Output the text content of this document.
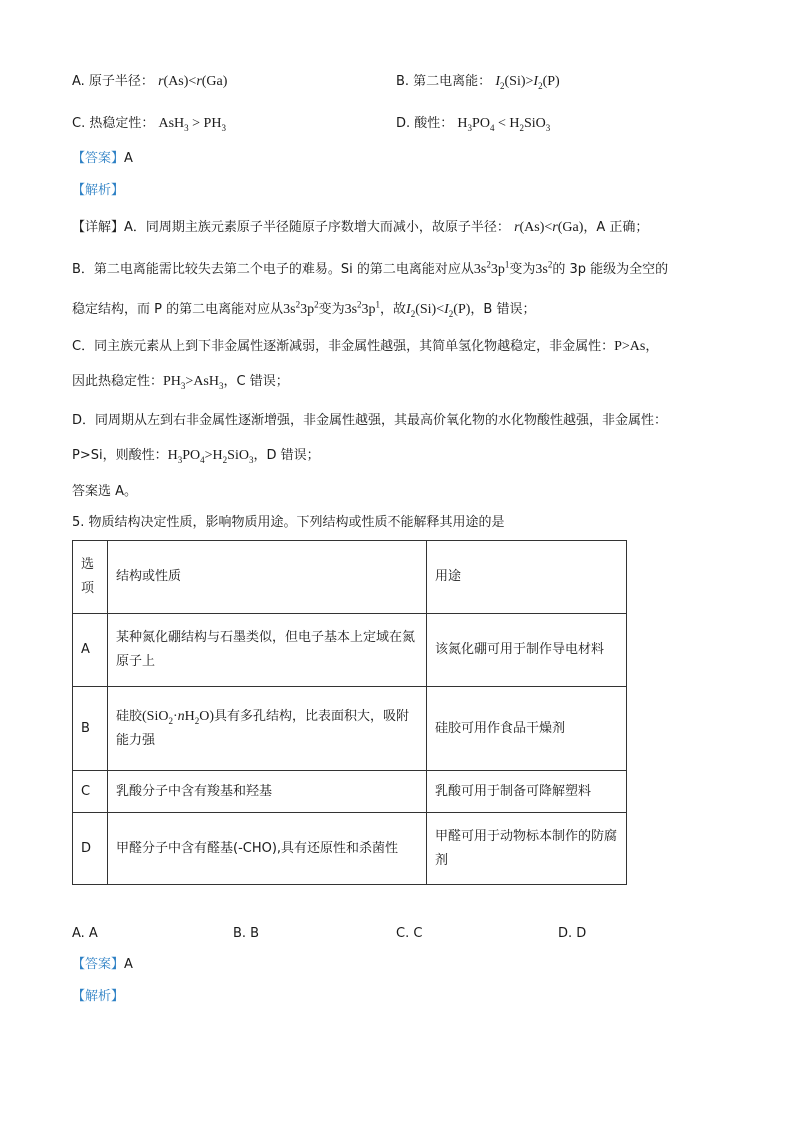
A. 原子半径： r(As)<r(Ga)	B. 第二电离能： $I_2(Si)>I_2(P)$
C. 热稳定性： $AsH_3 > PH_3$	D. 酸性： $H_3PO_4 < H_2SiO_3$
【答案】A
【解析】
【详解】A．同周期主族元素原子半径随原子序数增大而减小，故原子半径： r(As)<r(Ga)，A 正确；
B．第二电离能需比较失去第二个电子的难易。Si 的第二电离能对应从$3s^23p^1$变为$3s^2$的 3p 能级为全空的
稳定结构，而 P 的第二电离能对应从$3s^23p^2$变为$3s^23p^1$，故$I_2(Si)<I_2(P)$，B 错误；
C．同主族元素从上到下非金属性逐渐减弱，非金属性越强，其简单氢化物越稳定，非金属性：P>As，
因此热稳定性：$PH_3>AsH_3$，C 错误；
D．同周期从左到右非金属性逐渐增强，非金属性越强，其最高价氧化物的水化物酸性越强，非金属性：
P>Si，则酸性：$H_3PO_4>H_2SiO_3$，D 错误；
答案选 A。
5. 物质结构决定性质，影响物质用途。下列结构或性质不能解释其用途的是
选项	结构或性质	用途
A	某种氮化硼结构与石墨类似，但电子基本上定域在氮原子上	该氮化硼可用于制作导电材料
B	硅胶$(SiO_2\cdot nH_2O)$具有多孔结构，比表面积大，吸附能力强	硅胶可用作食品干燥剂
C	乳酸分子中含有羧基和羟基	乳酸可用于制备可降解塑料
D	甲醛分子中含有醛基(-CHO),具有还原性和杀菌性	甲醛可用于动物标本制作的防腐剂
A. A	B. B	C. C	D. D
【答案】A
【解析】
